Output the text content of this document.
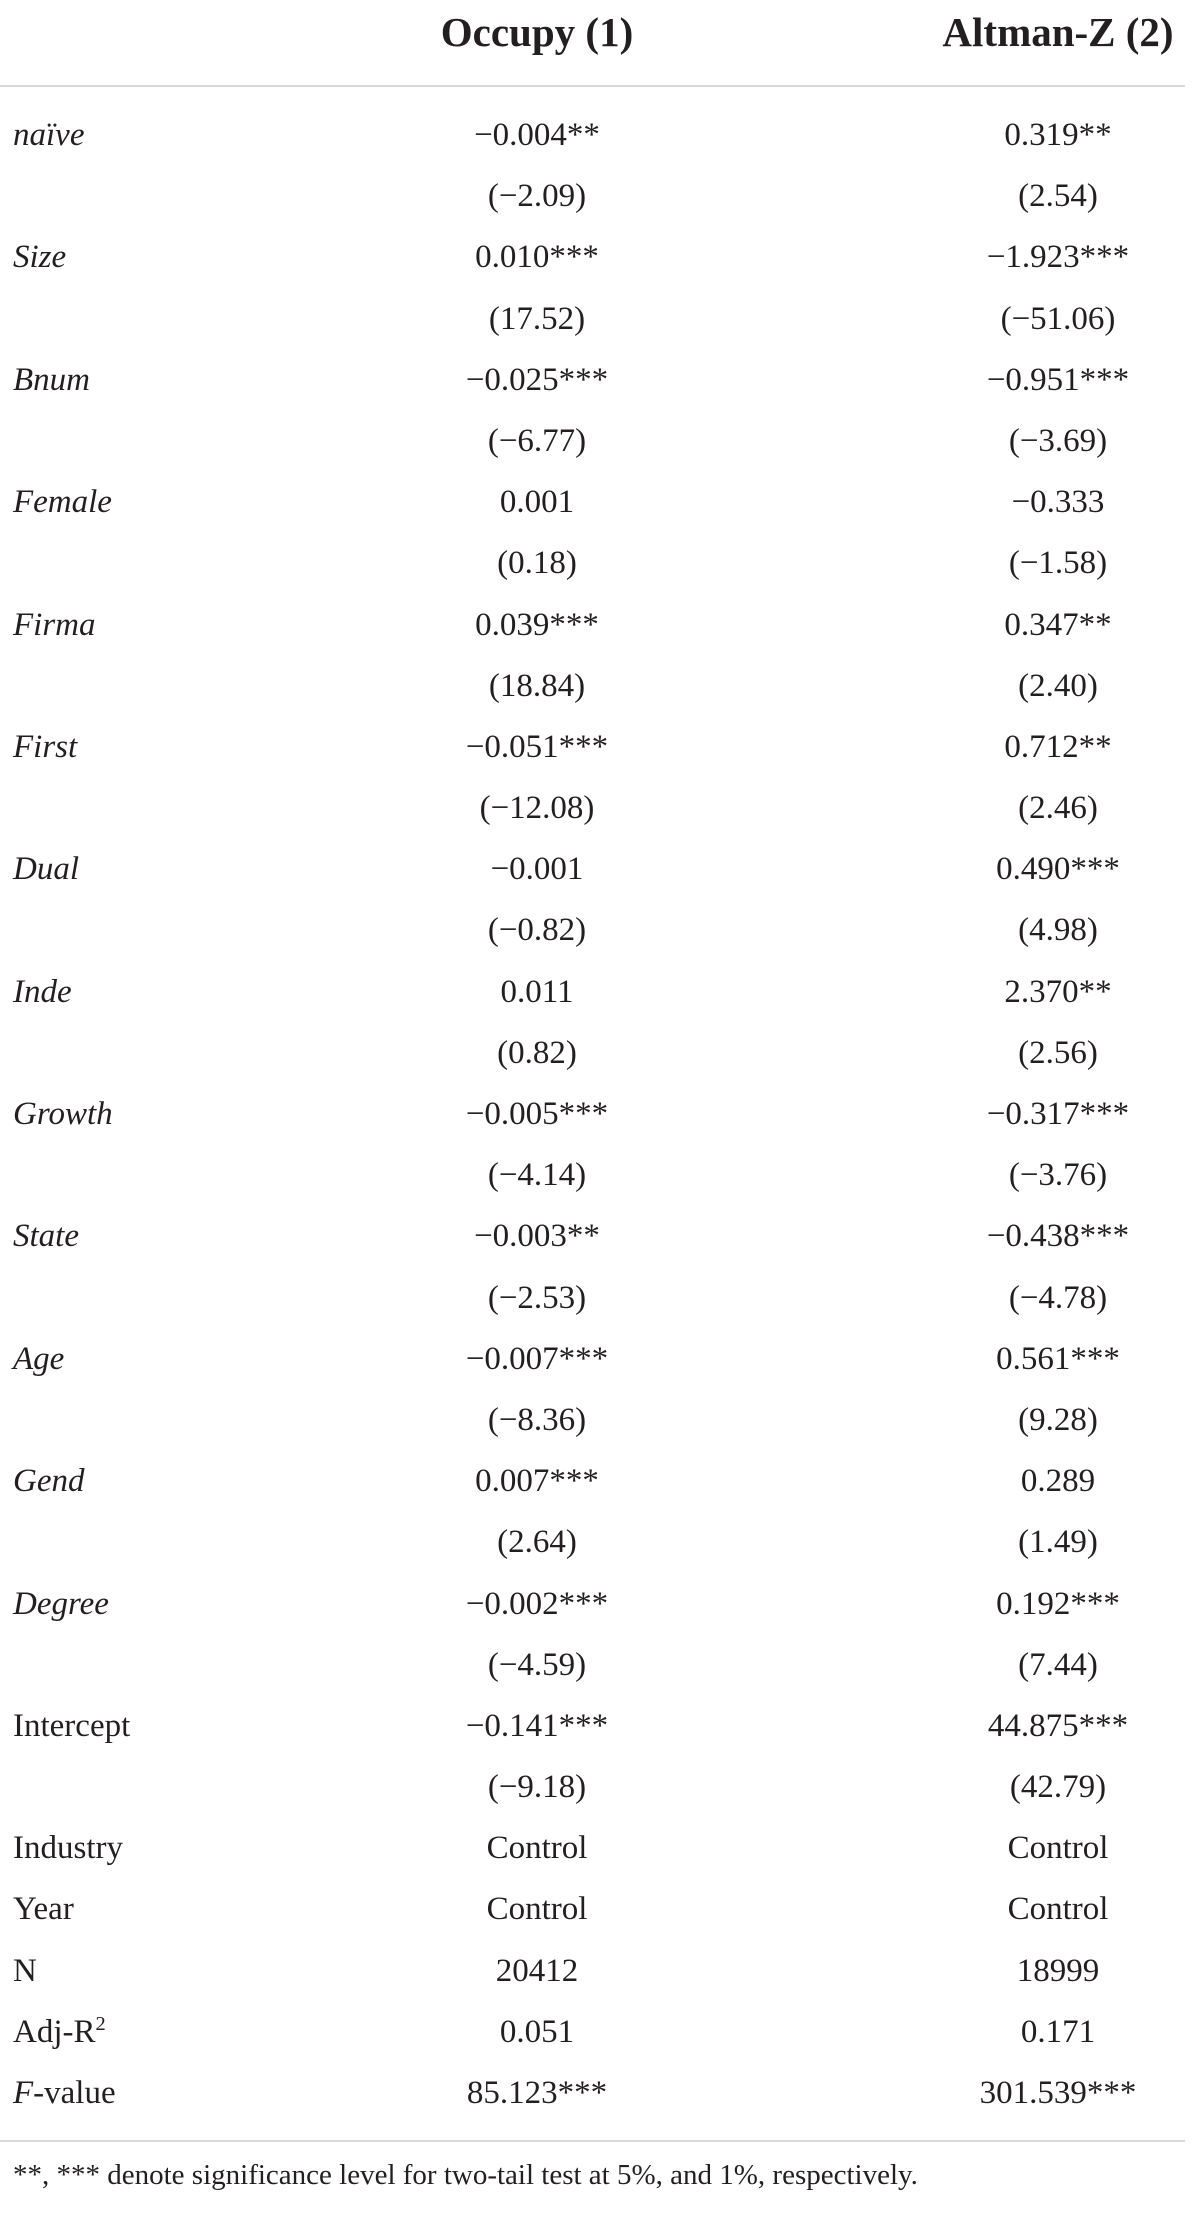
Occupy (1)	Altman-Z (2)
naïve	−0.004**	0.319**
(−2.09)	(2.54)
Size	0.010***	−1.923***
(17.52)	(−51.06)
Bnum	−0.025***	−0.951***
(−6.77)	(−3.69)
Female	0.001	−0.333
(0.18)	(−1.58)
Firma	0.039***	0.347**
(18.84)	(2.40)
First	−0.051***	0.712**
(−12.08)	(2.46)
Dual	−0.001	0.490***
(−0.82)	(4.98)
Inde	0.011	2.370**
(0.82)	(2.56)
Growth	−0.005***	−0.317***
(−4.14)	(−3.76)
State	−0.003**	−0.438***
(−2.53)	(−4.78)
Age	−0.007***	0.561***
(−8.36)	(9.28)
Gend	0.007***	0.289
(2.64)	(1.49)
Degree	−0.002***	0.192***
(−4.59)	(7.44)
Intercept	−0.141***	44.875***
(−9.18)	(42.79)
Industry	Control	Control
Year	Control	Control
N	20412	18999
Adj-$R^2$	0.051	0.171
F-value	85.123***	301.539***
**, *** denote significance level for two-tail test at 5%, and 1%, respectively.
